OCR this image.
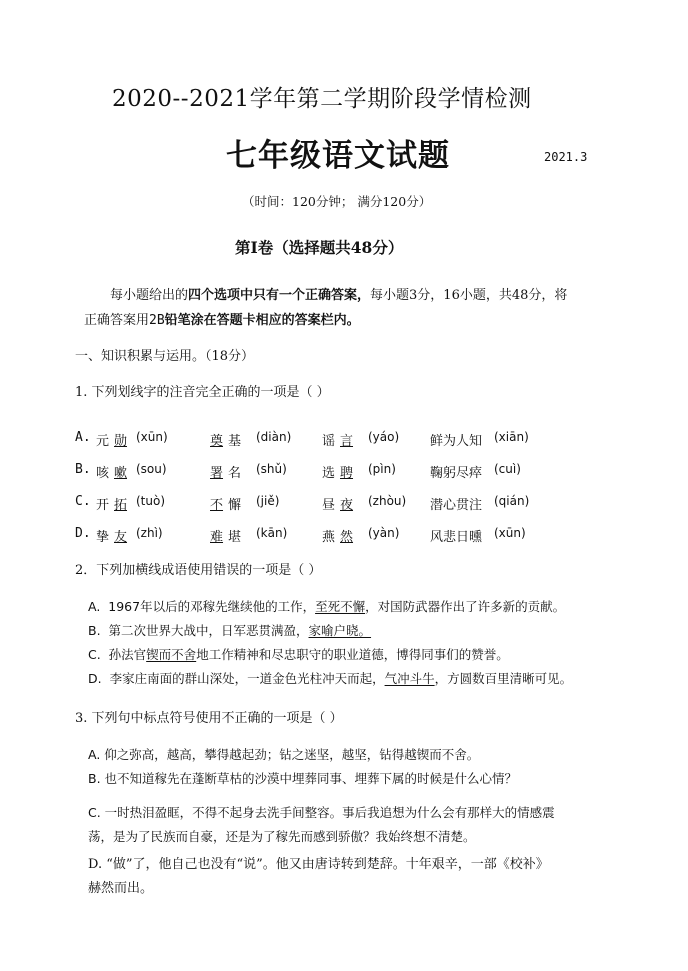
2020--2021学年第二学期阶段学情检测
七年级语文试题	2021.3
（时间：120分钟； 满分120分）
第Ⅰ卷（选择题共48分）
每小题给出的四个选项中只有一个正确答案，每小题3分，16小题，共48分，将
正确答案用2B铅笔涂在答题卡相应的答案栏内。
一、知识积累与运用。（18分）
1. 下列划线字的注音完全正确的一项是（ ）
A. 元 勋 (xūn)	奠 基 (diàn) 谣 言 (yáo) 鲜为人知 (xiān)
B. 咳 嗽 (sou)	署 名 (shǔ)	选 聘 (pìn)	鞠躬尽瘁 (cuì)
C. 开 拓 (tuò)	不 懈 (jiě)	昼 夜 (zhòu) 潜心贯注 (qián)
D. 挚 友 (zhì)	难 堪 (kān)	燕 然 (yàn) 风悲日曛 (xūn)
2．下列加横线成语使用错误的一项是（ ）
A. 1967年以后的邓稼先继续他的工作，至死不懈，对国防武器作出了许多新的贡献。
B. 第二次世界大战中，日军恶贯满盈，家喻户晓。
C. 孙法官锲而不舍地工作精神和尽忠职守的职业道德，博得同事们的赞誉。
D. 李家庄南面的群山深处，一道金色光柱冲天而起，气冲斗牛，方圆数百里清晰可见。
3. 下列句中标点符号使用不正确的一项是（ ）
A. 仰之弥高，越高，攀得越起劲；钻之迷坚，越坚，钻得越锲而不舍。
B. 也不知道稼先在蓬断草枯的沙漠中埋葬同事、埋葬下属的时候是什么心情？
C. 一时热泪盈眶，不得不起身去洗手间整容。事后我追想为什么会有那样大的情感震
荡，是为了民族而自豪，还是为了稼先而感到骄傲？我始终想不清楚。
D. “做”了，他自己也没有“说”。他又由唐诗转到楚辞。十年艰辛，一部《校补》
赫然而出。
